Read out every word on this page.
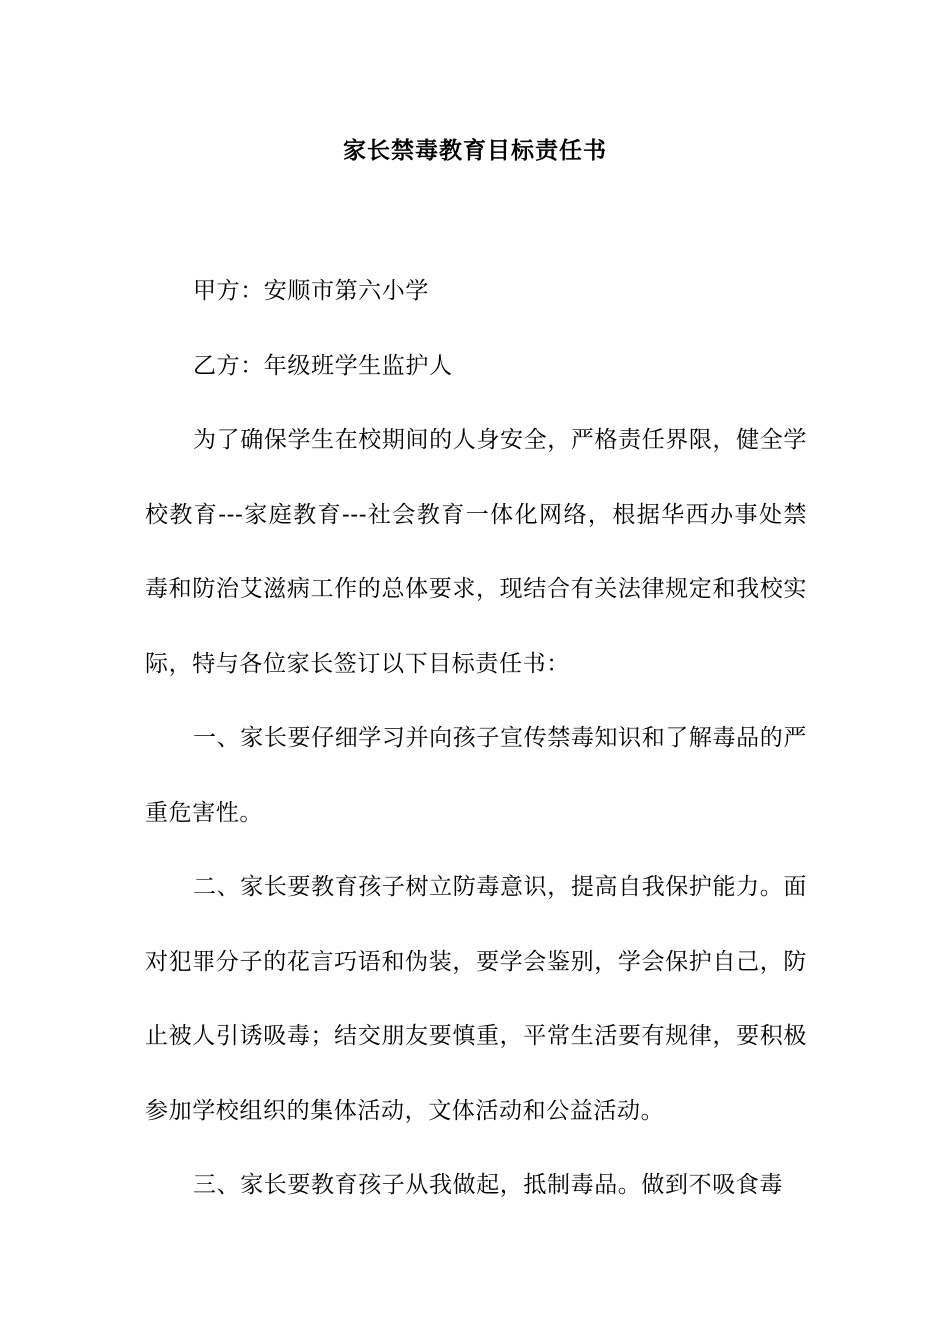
家长禁毒教育目标责任书

甲方：安顺市第六小学

乙方：年级班学生监护人

为了确保学生在校期间的人身安全，严格责任界限，健全学校教育---家庭教育---社会教育一体化网络，根据华西办事处禁毒和防治艾滋病工作的总体要求，现结合有关法律规定和我校实际，特与各位家长签订以下目标责任书：

一、家长要仔细学习并向孩子宣传禁毒知识和了解毒品的严重危害性。

二、家长要教育孩子树立防毒意识，提高自我保护能力。面对犯罪分子的花言巧语和伪装，要学会鉴别，学会保护自己，防止被人引诱吸毒；结交朋友要慎重，平常生活要有规律，要积极参加学校组织的集体活动，文体活动和公益活动。

三、家长要教育孩子从我做起，抵制毒品。做到不吸食毒
